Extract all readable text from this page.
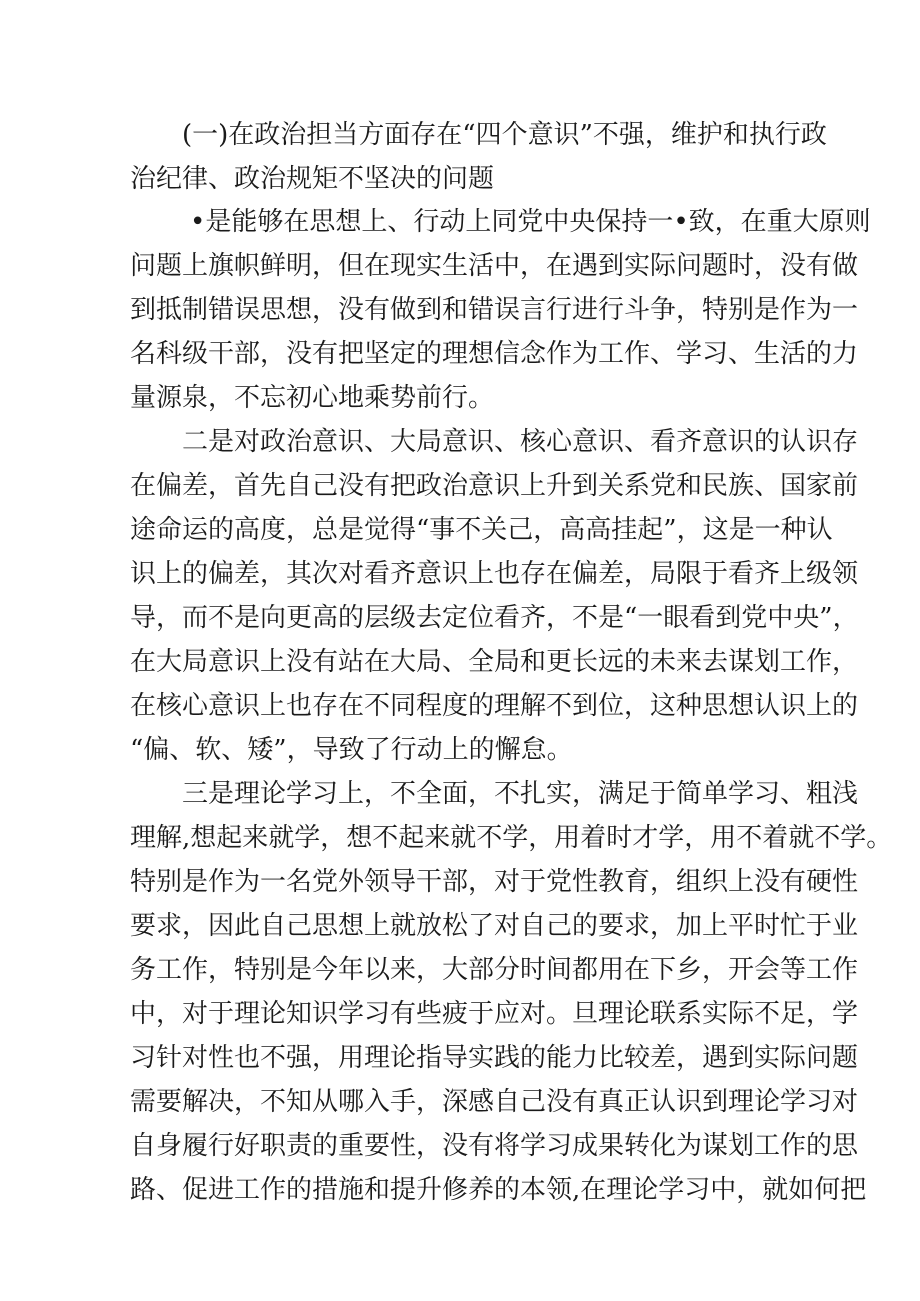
(一)在政治担当方面存在“四个意识”不强，维护和执行政
治纪律、政治规矩不坚决的问题
•是能够在思想上、行动上同党中央保持一•致，在重大原则
问题上旗帜鲜明，但在现实生活中，在遇到实际问题时，没有做
到抵制错误思想，没有做到和错误言行进行斗争，特别是作为一
名科级干部，没有把坚定的理想信念作为工作、学习、生活的力
量源泉，不忘初心地乘势前行。
二是对政治意识、大局意识、核心意识、看齐意识的认识存
在偏差，首先自己没有把政治意识上升到关系党和民族、国家前
途命运的高度，总是觉得“事不关己，高高挂起”，这是一种认
识上的偏差，其次对看齐意识上也存在偏差，局限于看齐上级领
导，而不是向更高的层级去定位看齐，不是“一眼看到党中央”，
在大局意识上没有站在大局、全局和更长远的未来去谋划工作，
在核心意识上也存在不同程度的理解不到位，这种思想认识上的
“偏、软、矮”，导致了行动上的懈怠。
三是理论学习上，不全面，不扎实，满足于简单学习、粗浅
理解,想起来就学，想不起来就不学，用着时才学，用不着就不学。
特别是作为一名党外领导干部，对于党性教育，组织上没有硬性
要求，因此自己思想上就放松了对自己的要求，加上平时忙于业
务工作，特别是今年以来，大部分时间都用在下乡，开会等工作
中，对于理论知识学习有些疲于应对。旦理论联系实际不足，学
习针对性也不强，用理论指导实践的能力比较差，遇到实际问题
需要解决，不知从哪入手，深感自己没有真正认识到理论学习对
自身履行好职责的重要性，没有将学习成果转化为谋划工作的思
路、促进工作的措施和提升修养的本领,在理论学习中，就如何把
